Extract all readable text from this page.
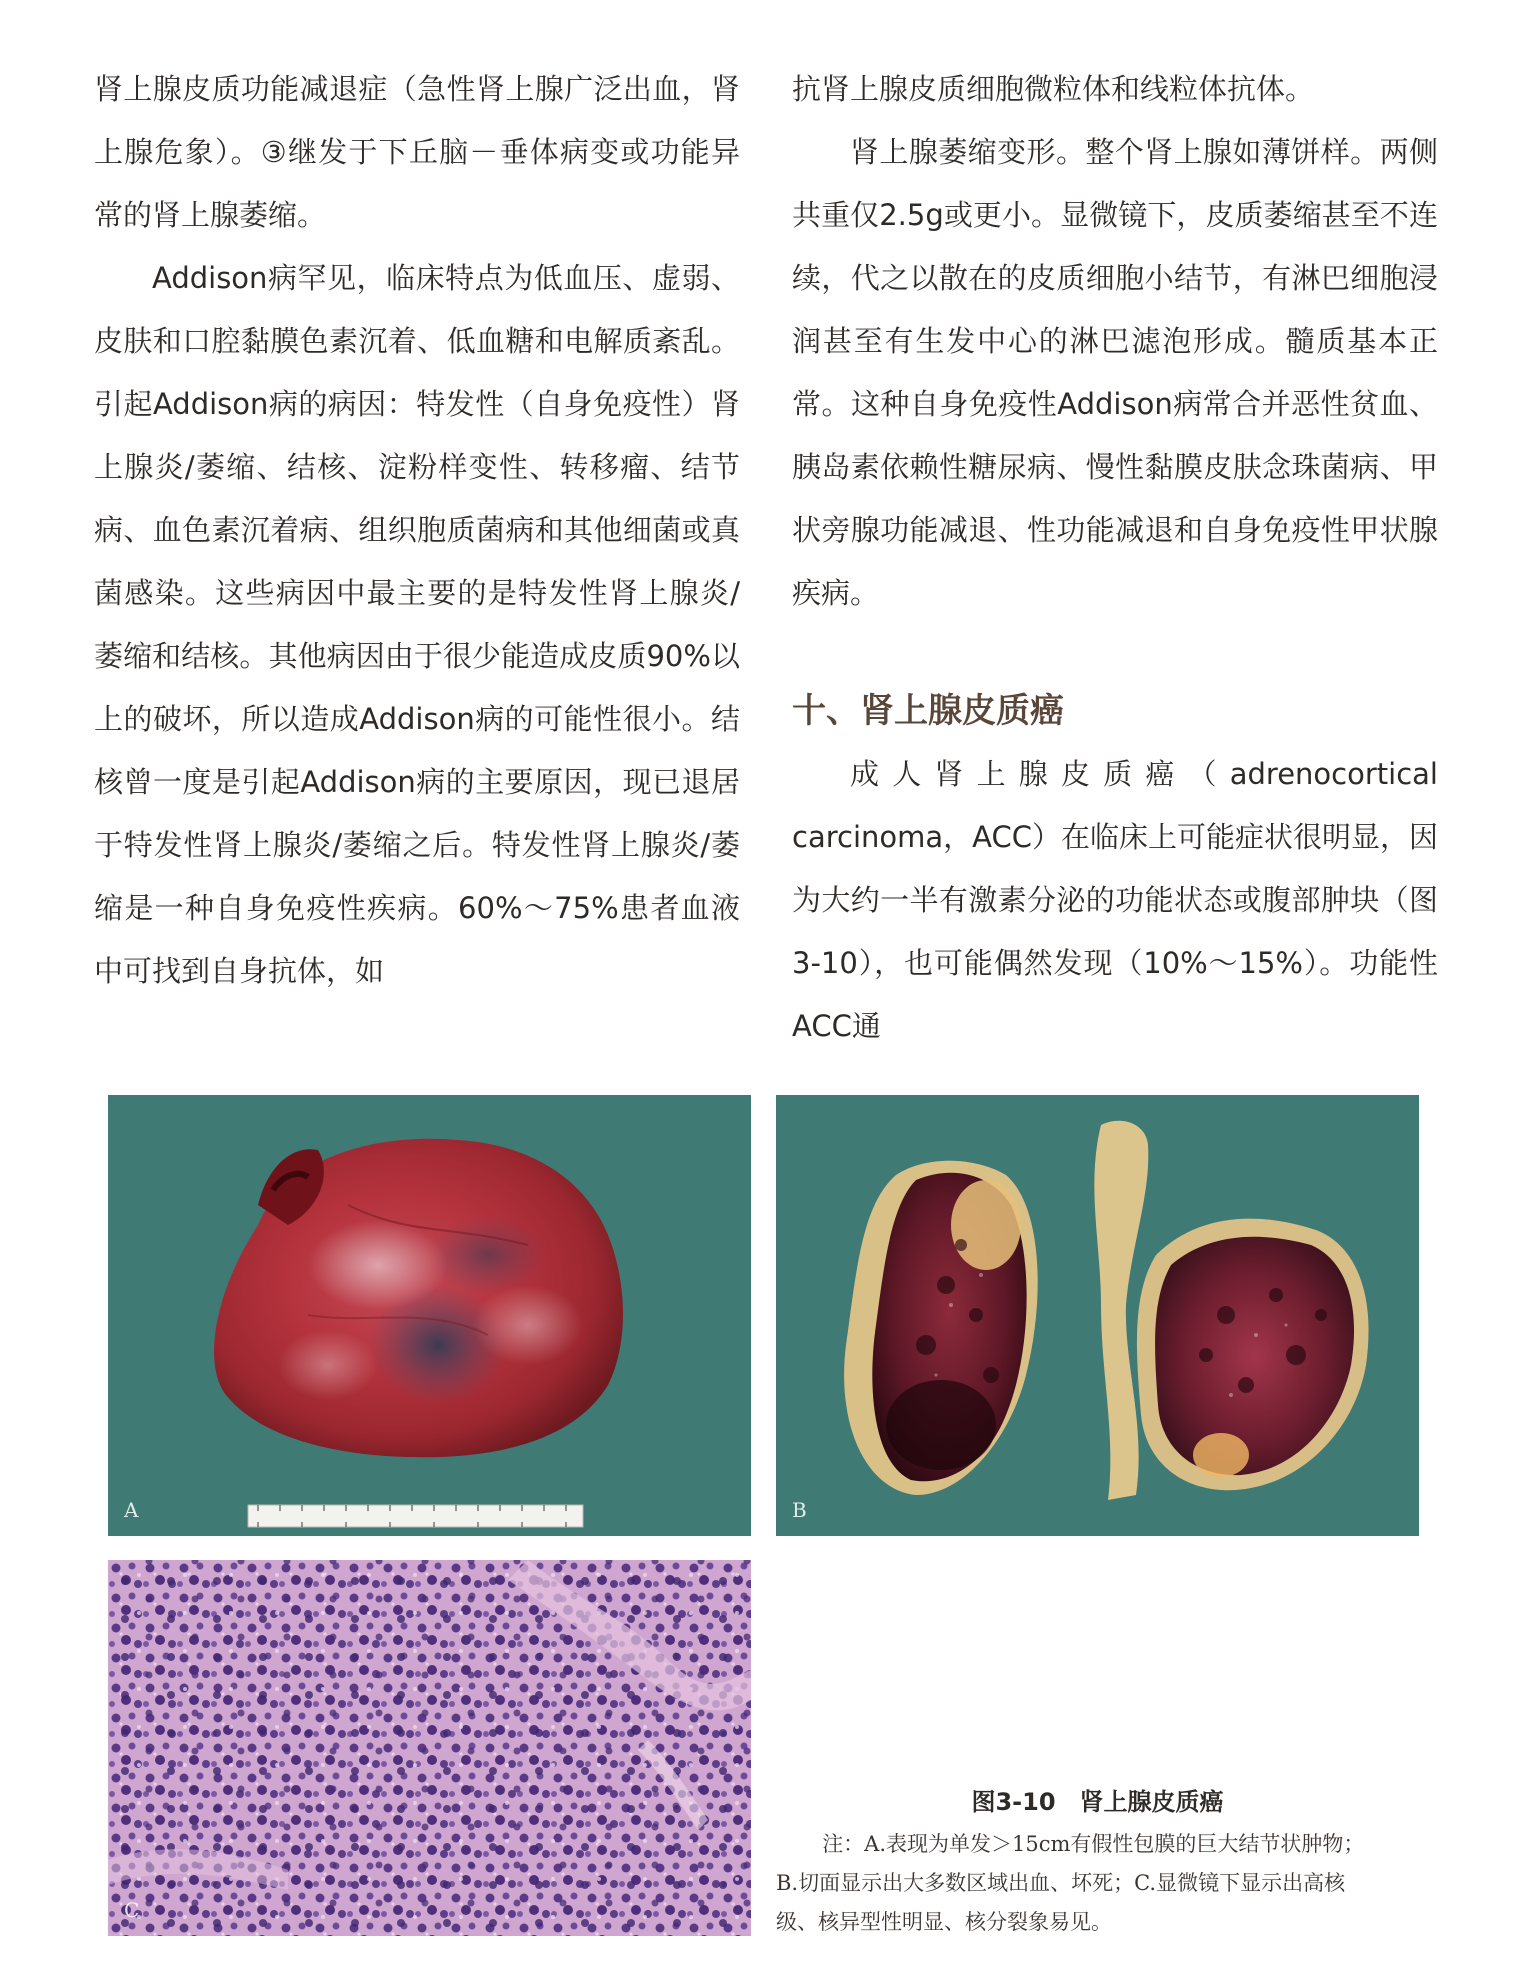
肾上腺皮质功能减退症（急性肾上腺广泛出血，肾上腺危象）。③继发于下丘脑－垂体病变或功能异常的肾上腺萎缩。

Addison病罕见，临床特点为低血压、虚弱、皮肤和口腔黏膜色素沉着、低血糖和电解质紊乱。引起Addison病的病因：特发性（自身免疫性）肾上腺炎/萎缩、结核、淀粉样变性、转移瘤、结节病、血色素沉着病、组织胞质菌病和其他细菌或真菌感染。这些病因中最主要的是特发性肾上腺炎/萎缩和结核。其他病因由于很少能造成皮质90%以上的破坏，所以造成Addison病的可能性很小。结核曾一度是引起Addison病的主要原因，现已退居于特发性肾上腺炎/萎缩之后。特发性肾上腺炎/萎缩是一种自身免疫性疾病。60%～75%患者血液中可找到自身抗体，如

抗肾上腺皮质细胞微粒体和线粒体抗体。

肾上腺萎缩变形。整个肾上腺如薄饼样。两侧共重仅2.5g或更小。显微镜下，皮质萎缩甚至不连续，代之以散在的皮质细胞小结节，有淋巴细胞浸润甚至有生发中心的淋巴滤泡形成。髓质基本正常。这种自身免疫性Addison病常合并恶性贫血、胰岛素依赖性糖尿病、慢性黏膜皮肤念珠菌病、甲状旁腺功能减退、性功能减退和自身免疫性甲状腺疾病。

十、肾上腺皮质癌

成人肾上腺皮质癌（adrenocortical carcinoma，ACC）在临床上可能症状很明显，因为大约一半有激素分泌的功能状态或腹部肿块（图3-10），也可能偶然发现（10%～15%）。功能性ACC通

A	B
C
图3-10　肾上腺皮质癌
注：A.表现为单发＞15cm有假性包膜的巨大结节状肿物；
B.切面显示出大多数区域出血、坏死；C.显微镜下显示出高核
级、核异型性明显、核分裂象易见。
